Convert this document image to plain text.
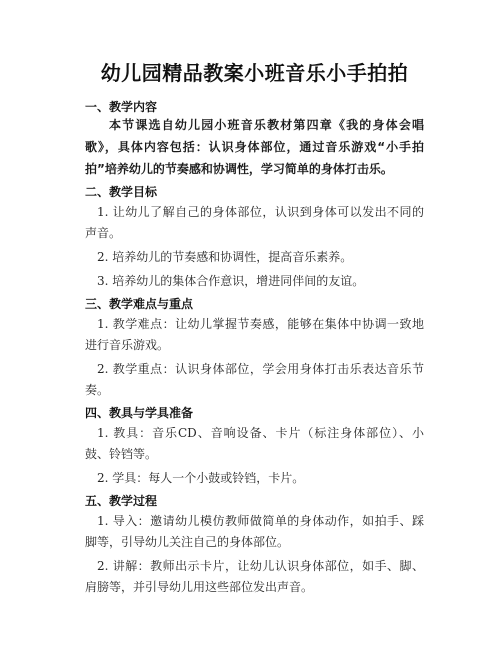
幼儿园精品教案小班音乐小手拍拍
一、教学内容

本节课选自幼儿园小班音乐教材第四章《我的身体会唱歌》，具体内容包括：认识身体部位，通过音乐游戏“小手拍拍”培养幼儿的节奏感和协调性，学习简单的身体打击乐。

二、教学目标

1. 让幼儿了解自己的身体部位，认识到身体可以发出不同的声音。

2. 培养幼儿的节奏感和协调性，提高音乐素养。

3. 培养幼儿的集体合作意识，增进同伴间的友谊。

三、教学难点与重点

1. 教学难点：让幼儿掌握节奏感，能够在集体中协调一致地进行音乐游戏。

2. 教学重点：认识身体部位，学会用身体打击乐表达音乐节奏。

四、教具与学具准备

1. 教具：音乐CD、音响设备、卡片（标注身体部位）、小鼓、铃铛等。

2. 学具：每人一个小鼓或铃铛，卡片。

五、教学过程

1. 导入：邀请幼儿模仿教师做简单的身体动作，如拍手、踩脚等，引导幼儿关注自己的身体部位。

2. 讲解：教师出示卡片，让幼儿认识身体部位，如手、脚、肩膀等，并引导幼儿用这些部位发出声音。
